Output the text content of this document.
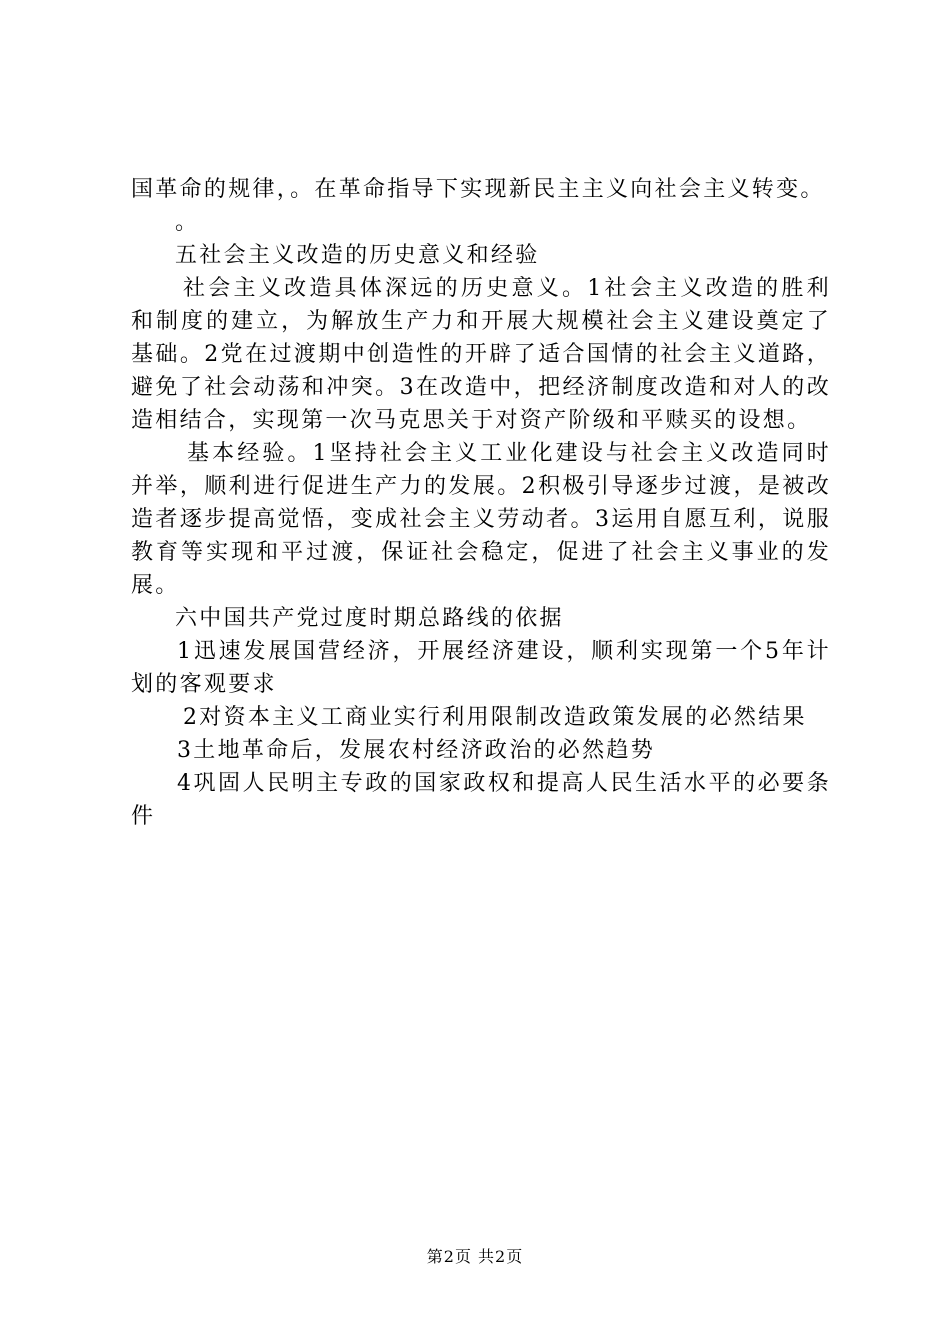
国革命的规律，。在革命指导下实现新民主主义向社会主义转变。

。

五社会主义改造的历史意义和经验

社会主义改造具体深远的历史意义。1社会主义改造的胜利和制度的建立，为解放生产力和开展大规模社会主义建设奠定了基础。2党在过渡期中创造性的开辟了适合国情的社会主义道路，避免了社会动荡和冲突。3在改造中，把经济制度改造和对人的改造相结合，实现第一次马克思关于对资产阶级和平赎买的设想。

基本经验。1坚持社会主义工业化建设与社会主义改造同时并举，顺利进行促进生产力的发展。2积极引导逐步过渡，是被改造者逐步提高觉悟，变成社会主义劳动者。3运用自愿互利，说服教育等实现和平过渡，保证社会稳定，促进了社会主义事业的发展。

六中国共产党过度时期总路线的依据

1迅速发展国营经济，开展经济建设，顺利实现第一个5年计划的客观要求

2对资本主义工商业实行利用限制改造政策发展的必然结果

3土地革命后，发展农村经济政治的必然趋势

4巩固人民明主专政的国家政权和提高人民生活水平的必要条件

第2页 共2页
